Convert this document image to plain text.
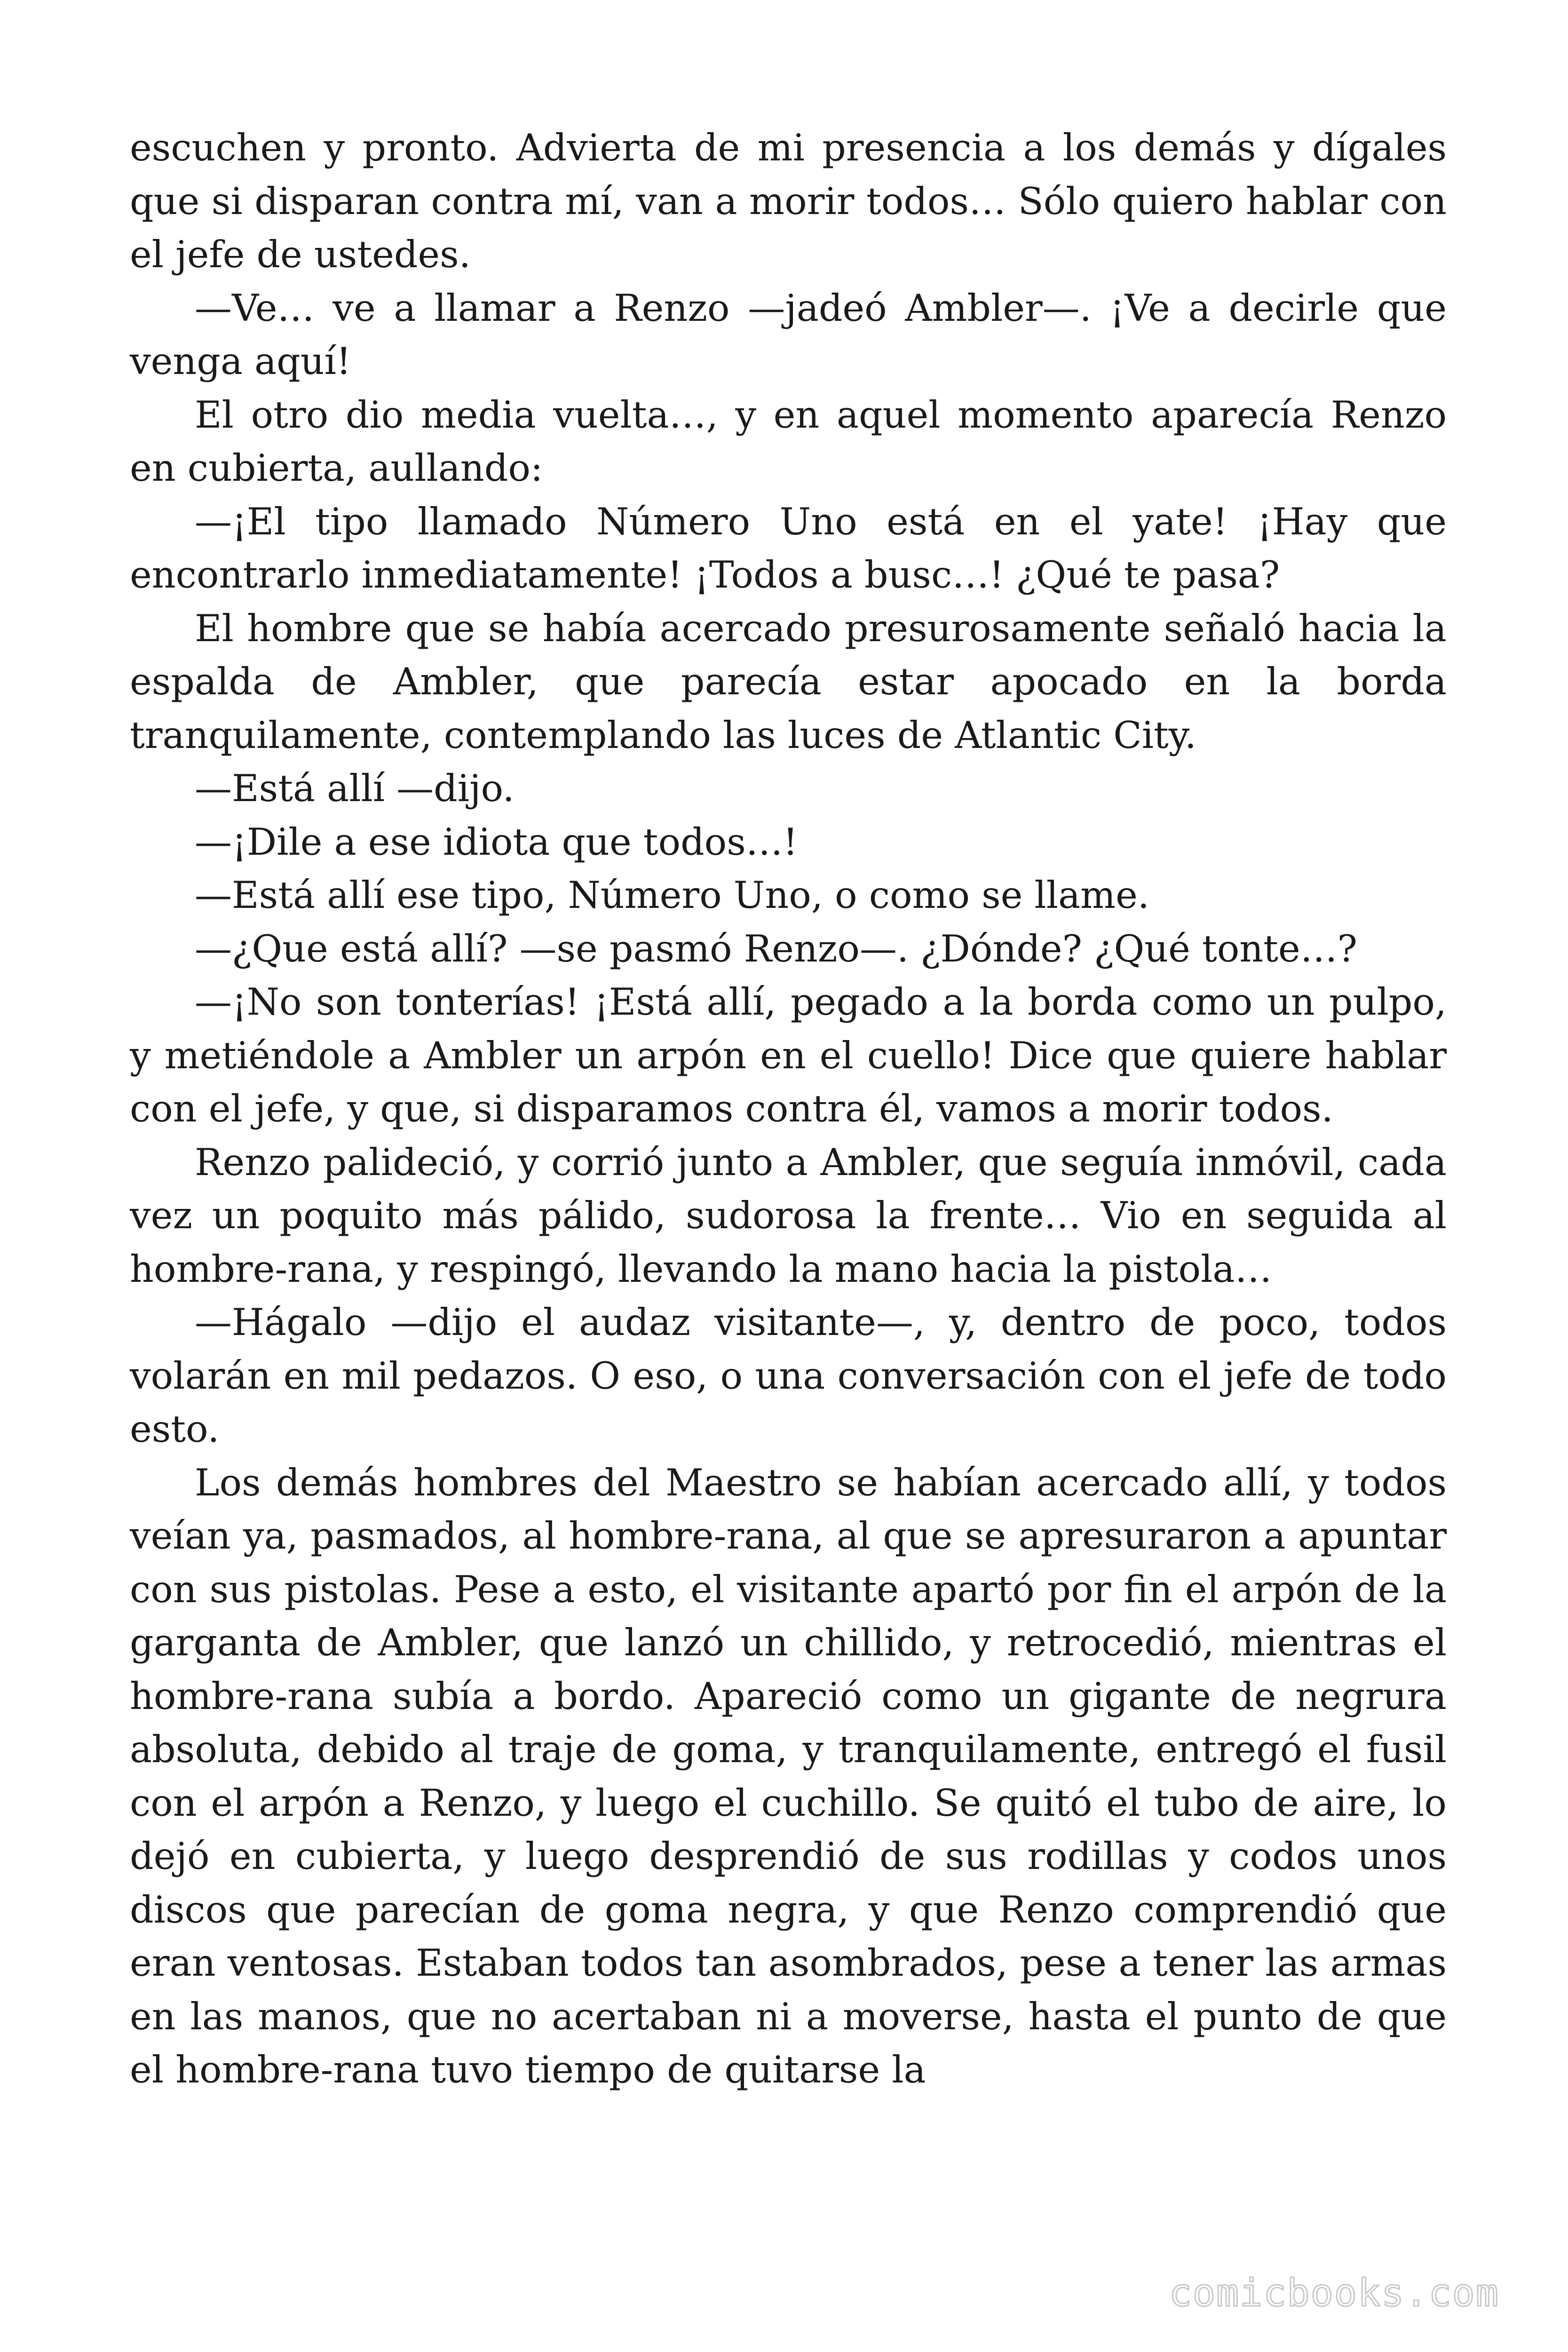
escuchen y pronto. Advierta de mi presencia a los demás y dígales que si disparan contra mí, van a morir todos… Sólo quiero hablar con el jefe de ustedes.

—Ve… ve a llamar a Renzo —jadeó Ambler—. ¡Ve a decirle que venga aquí!

El otro dio media vuelta…, y en aquel momento aparecía Renzo en cubierta, aullando:

—¡El tipo llamado Número Uno está en el yate! ¡Hay que encontrarlo inmediatamente! ¡Todos a busc…! ¿Qué te pasa?

El hombre que se había acercado presurosamente señaló hacia la espalda de Ambler, que parecía estar apocado en la borda tranquilamente, contemplando las luces de Atlantic City.

—Está allí —dijo.

—¡Dile a ese idiota que todos…!

—Está allí ese tipo, Número Uno, o como se llame.

—¿Que está allí? —se pasmó Renzo—. ¿Dónde? ¿Qué tonte…?

—¡No son tonterías! ¡Está allí, pegado a la borda como un pulpo, y metiéndole a Ambler un arpón en el cuello! Dice que quiere hablar con el jefe, y que, si disparamos contra él, vamos a morir todos.

Renzo palideció, y corrió junto a Ambler, que seguía inmóvil, cada vez un poquito más pálido, sudorosa la frente… Vio en seguida al hombre-rana, y respingó, llevando la mano hacia la pistola…

—Hágalo —dijo el audaz visitante—, y, dentro de poco, todos volarán en mil pedazos. O eso, o una conversación con el jefe de todo esto.

Los demás hombres del Maestro se habían acercado allí, y todos veían ya, pasmados, al hombre-rana, al que se apresuraron a apuntar con sus pistolas. Pese a esto, el visitante apartó por fin el arpón de la garganta de Ambler, que lanzó un chillido, y retrocedió, mientras el hombre-rana subía a bordo. Apareció como un gigante de negrura absoluta, debido al traje de goma, y tranquilamente, entregó el fusil con el arpón a Renzo, y luego el cuchillo. Se quitó el tubo de aire, lo dejó en cubierta, y luego desprendió de sus rodillas y codos unos discos que parecían de goma negra, y que Renzo comprendió que eran ventosas. Estaban todos tan asombrados, pese a tener las armas en las manos, que no acertaban ni a moverse, hasta el punto de que el hombre-rana tuvo tiempo de quitarse la

comicbooks.com
